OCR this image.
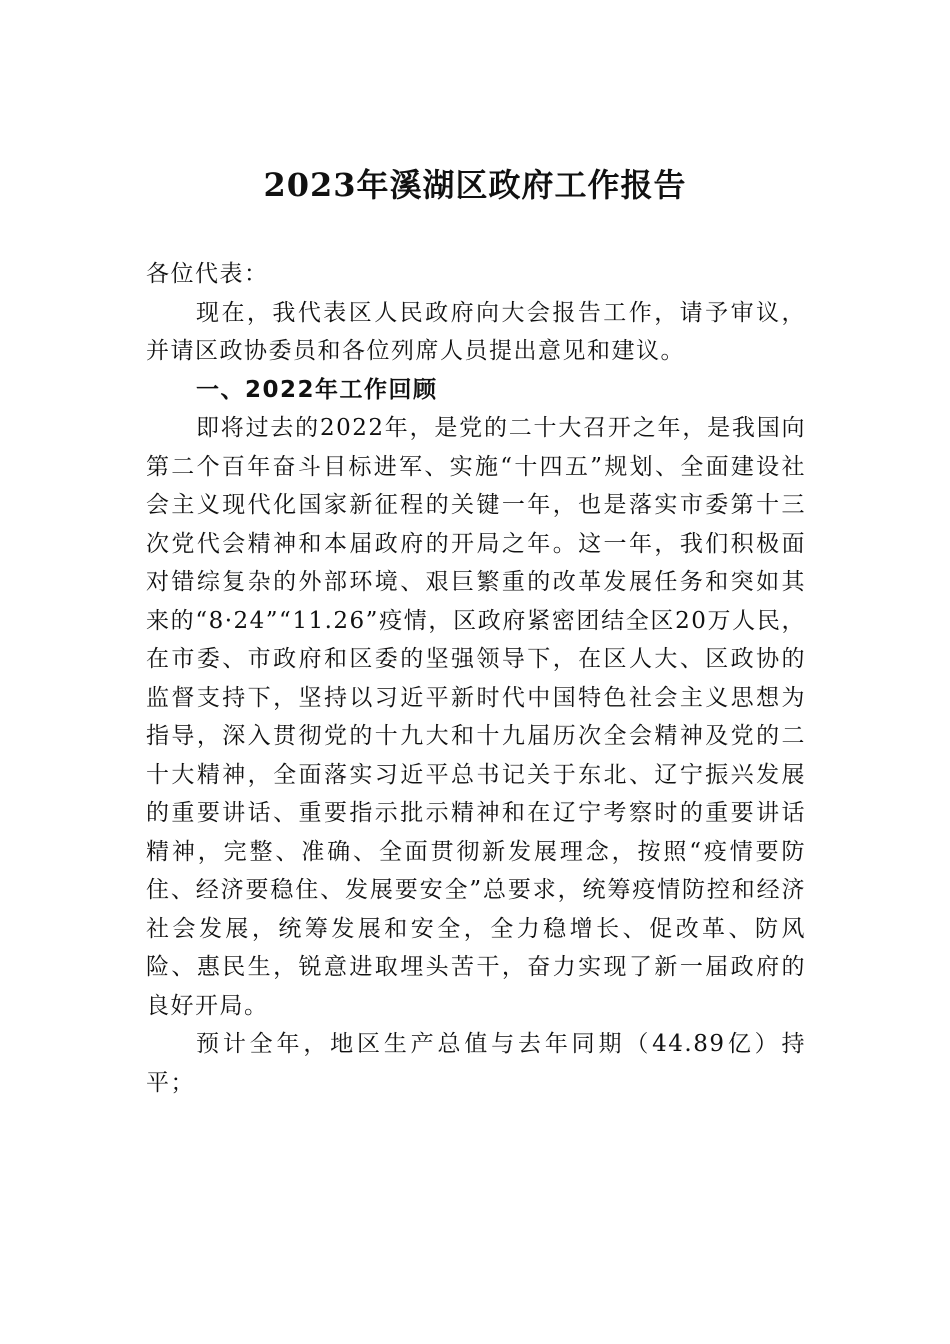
2023年溪湖区政府工作报告

各位代表：

现在，我代表区人民政府向大会报告工作，请予审议，并请区政协委员和各位列席人员提出意见和建议。

一、2022年工作回顾

即将过去的2022年，是党的二十大召开之年，是我国向第二个百年奋斗目标进军、实施“十四五”规划、全面建设社会主义现代化国家新征程的关键一年，也是落实市委第十三次党代会精神和本届政府的开局之年。这一年，我们积极面对错综复杂的外部环境、艰巨繁重的改革发展任务和突如其来的“8·24”“11.26”疫情，区政府紧密团结全区20万人民，在市委、市政府和区委的坚强领导下，在区人大、区政协的监督支持下，坚持以习近平新时代中国特色社会主义思想为指导，深入贯彻党的十九大和十九届历次全会精神及党的二十大精神，全面落实习近平总书记关于东北、辽宁振兴发展的重要讲话、重要指示批示精神和在辽宁考察时的重要讲话精神，完整、准确、全面贯彻新发展理念，按照“疫情要防住、经济要稳住、发展要安全”总要求，统筹疫情防控和经济社会发展，统筹发展和安全，全力稳增长、促改革、防风险、惠民生，锐意进取埋头苦干，奋力实现了新一届政府的良好开局。

预计全年，地区生产总值与去年同期（44.89亿）持平；
